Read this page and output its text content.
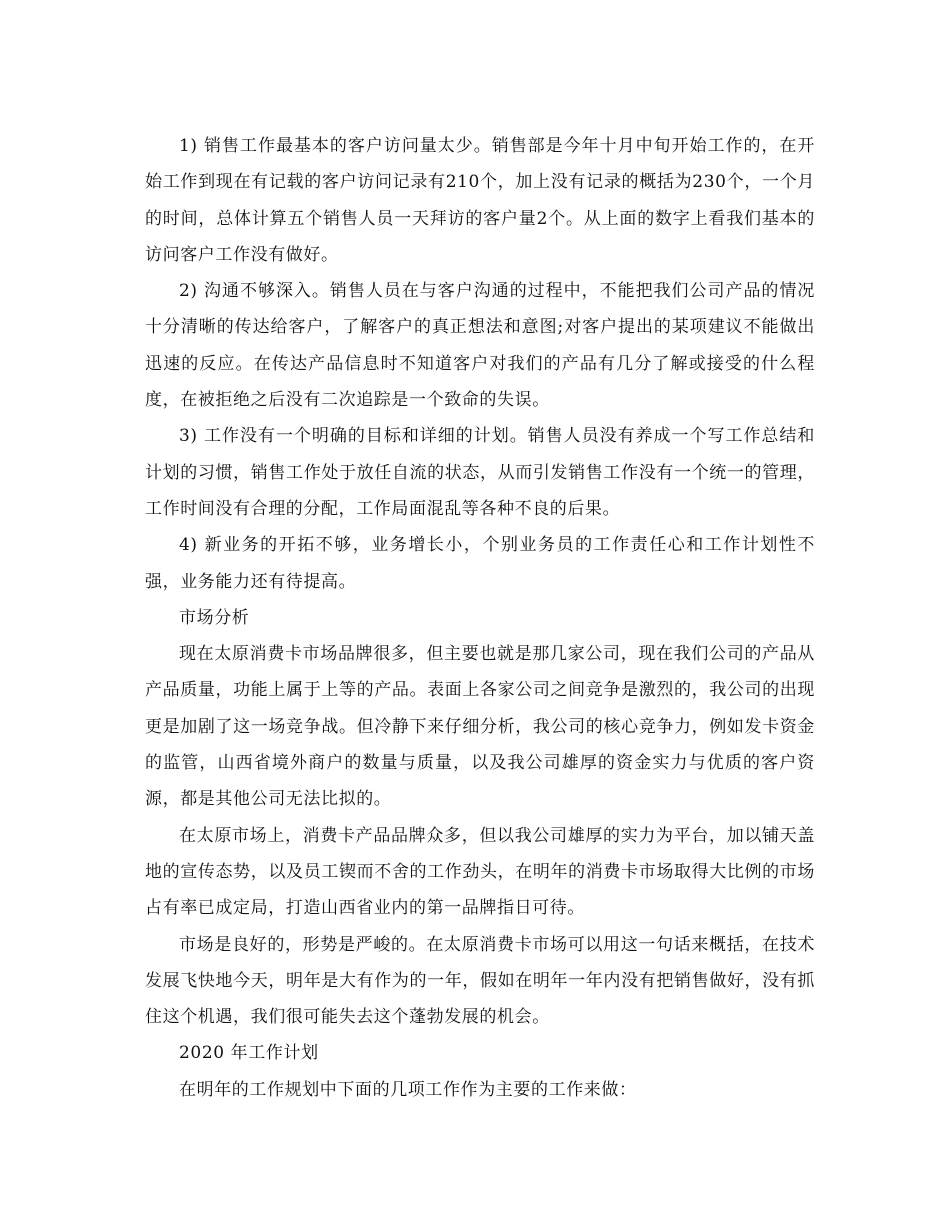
1) 销售工作最基本的客户访问量太少。销售部是今年十月中旬开始工作的，在开始工作到现在有记载的客户访问记录有210个，加上没有记录的概括为230个，一个月的时间，总体计算五个销售人员一天拜访的客户量2个。从上面的数字上看我们基本的访问客户工作没有做好。

2) 沟通不够深入。销售人员在与客户沟通的过程中，不能把我们公司产品的情况十分清晰的传达给客户，了解客户的真正想法和意图;对客户提出的某项建议不能做出迅速的反应。在传达产品信息时不知道客户对我们的产品有几分了解或接受的什么程度，在被拒绝之后没有二次追踪是一个致命的失误。

3) 工作没有一个明确的目标和详细的计划。销售人员没有养成一个写工作总结和计划的习惯，销售工作处于放任自流的状态，从而引发销售工作没有一个统一的管理，工作时间没有合理的分配，工作局面混乱等各种不良的后果。

4) 新业务的开拓不够，业务增长小，个别业务员的工作责任心和工作计划性不强，业务能力还有待提高。

市场分析

现在太原消费卡市场品牌很多，但主要也就是那几家公司，现在我们公司的产品从产品质量，功能上属于上等的产品。表面上各家公司之间竞争是激烈的，我公司的出现更是加剧了这一场竞争战。但冷静下来仔细分析，我公司的核心竞争力，例如发卡资金的监管，山西省境外商户的数量与质量，以及我公司雄厚的资金实力与优质的客户资源，都是其他公司无法比拟的。

在太原市场上，消费卡产品品牌众多，但以我公司雄厚的实力为平台，加以铺天盖地的宣传态势，以及员工锲而不舍的工作劲头，在明年的消费卡市场取得大比例的市场占有率已成定局，打造山西省业内的第一品牌指日可待。

市场是良好的，形势是严峻的。在太原消费卡市场可以用这一句话来概括，在技术发展飞快地今天，明年是大有作为的一年，假如在明年一年内没有把销售做好，没有抓住这个机遇，我们很可能失去这个蓬勃发展的机会。

2020 年工作计划

在明年的工作规划中下面的几项工作作为主要的工作来做：
